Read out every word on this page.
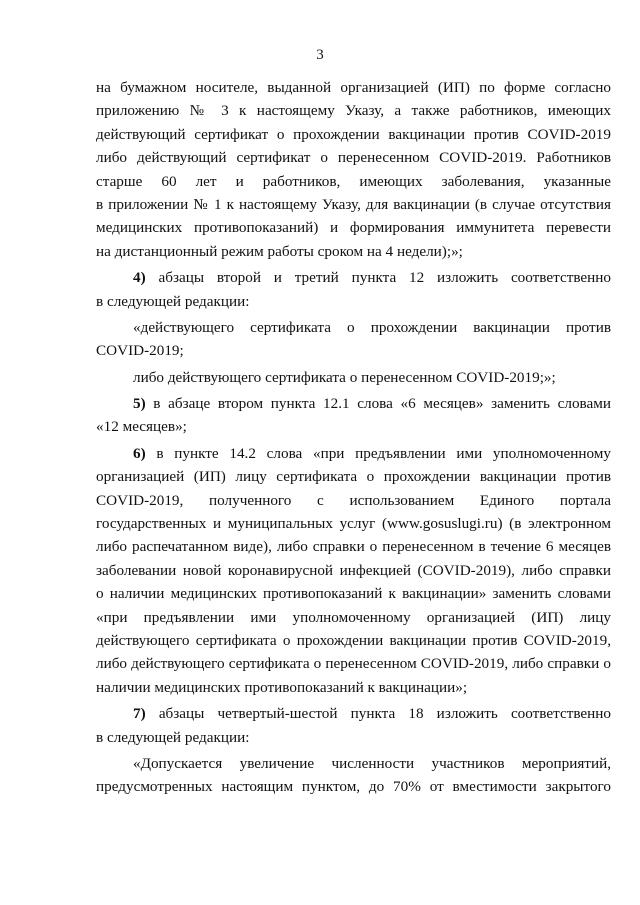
3
на бумажном носителе, выданной организацией (ИП) по форме согласно
приложению № 3 к настоящему Указу, а также работников, имеющих
действующий сертификат о прохождении вакцинации против COVID-2019
либо действующий сертификат о перенесенном COVID-2019. Работников
старше 60 лет и работников, имеющих заболевания, указанные
в приложении № 1 к настоящему Указу, для вакцинации (в случае отсутствия
медицинских противопоказаний) и формирования иммунитета перевести
на дистанционный режим работы сроком на 4 недели);»;
4) абзацы второй и третий пункта 12 изложить соответственно
в следующей редакции:
«действующего сертификата о прохождении вакцинации против
COVID-2019;
либо действующего сертификата о перенесенном COVID-2019;»;
5) в абзаце втором пункта 12.1 слова «6 месяцев» заменить словами
«12 месяцев»;
6) в пункте 14.2 слова «при предъявлении ими уполномоченному
организацией (ИП) лицу сертификата о прохождении вакцинации против
COVID-2019, полученного с использованием Единого портала
государственных и муниципальных услуг (www.gosuslugi.ru) (в электронном
либо распечатанном виде), либо справки о перенесенном в течение 6 месяцев
заболевании новой коронавирусной инфекцией (COVID-2019), либо справки
о наличии медицинских противопоказаний к вакцинации» заменить словами
«при предъявлении ими уполномоченному организацией (ИП) лицу
действующего сертификата о прохождении вакцинации против COVID-2019,
либо действующего сертификата о перенесенном COVID-2019, либо справки о
наличии медицинских противопоказаний к вакцинации»;
7) абзацы четвертый-шестой пункта 18 изложить соответственно
в следующей редакции:
«Допускается увеличение численности участников мероприятий,
предусмотренных настоящим пунктом, до 70% от вместимости закрытого
